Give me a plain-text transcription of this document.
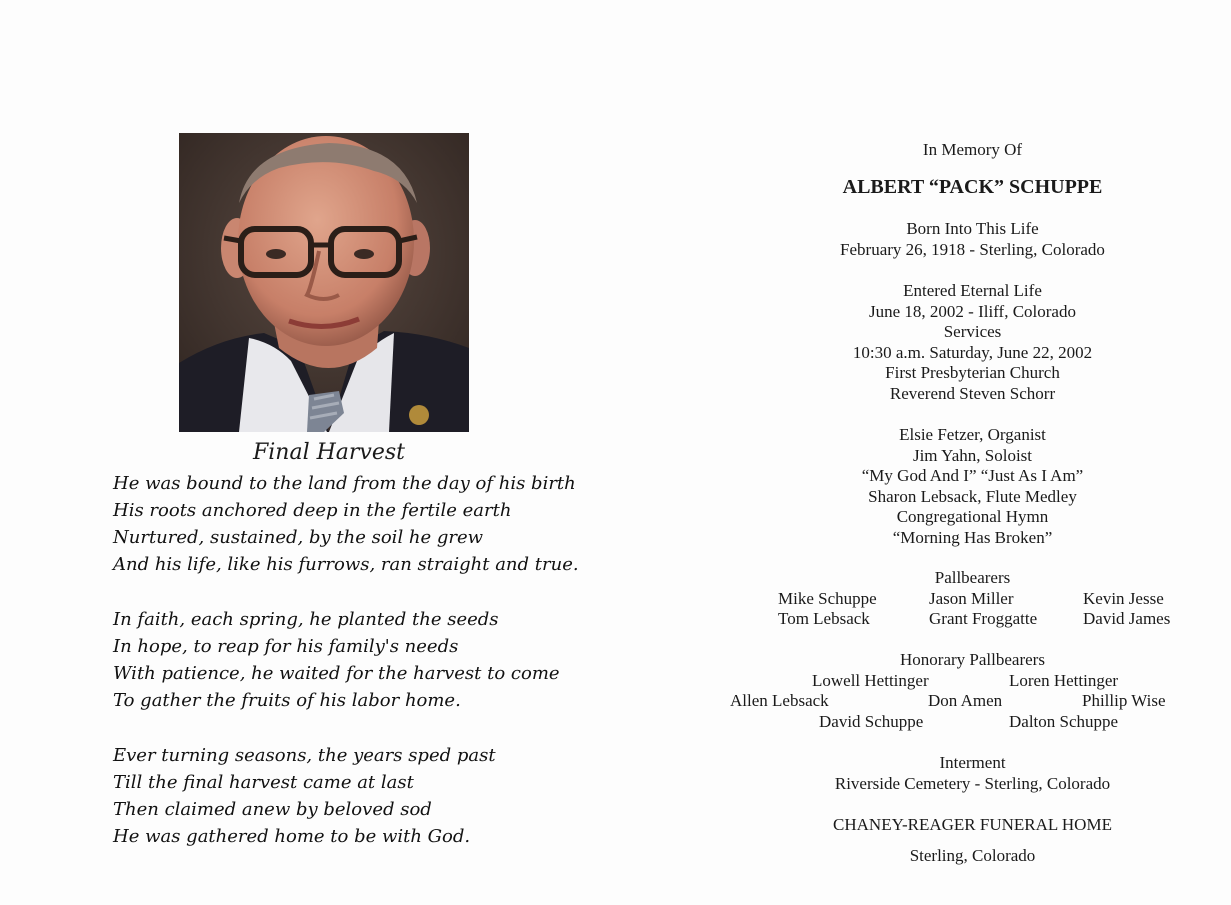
Final Harvest
He was bound to the land from the day of his birth
His roots anchored deep in the fertile earth
Nurtured, sustained, by the soil he grew
And his life, like his furrows, ran straight and true.
In faith, each spring, he planted the seeds
In hope, to reap for his family's needs
With patience, he waited for the harvest to come
To gather the fruits of his labor home.
Ever turning seasons, the years sped past
Till the final harvest came at last
Then claimed anew by beloved sod
He was gathered home to be with God.
In Memory Of
ALBERT “PACK” SCHUPPE
Born Into This Life
February 26, 1918 - Sterling, Colorado
Entered Eternal Life
June 18, 2002 - Iliff, Colorado
Services
10:30 a.m. Saturday, June 22, 2002
First Presbyterian Church
Reverend Steven Schorr
Elsie Fetzer, Organist
Jim Yahn, Soloist
“My God And I” “Just As I Am”
Sharon Lebsack, Flute Medley
Congregational Hymn
“Morning Has Broken”
Pallbearers
Mike Schuppe	Jason Miller	Kevin Jesse
Tom Lebsack	Grant Froggatte	David James
Honorary Pallbearers
Lowell Hettinger	Loren Hettinger
Allen Lebsack	Don Amen	Phillip Wise
David Schuppe	Dalton Schuppe
Interment
Riverside Cemetery - Sterling, Colorado
CHANEY-REAGER FUNERAL HOME
Sterling, Colorado
